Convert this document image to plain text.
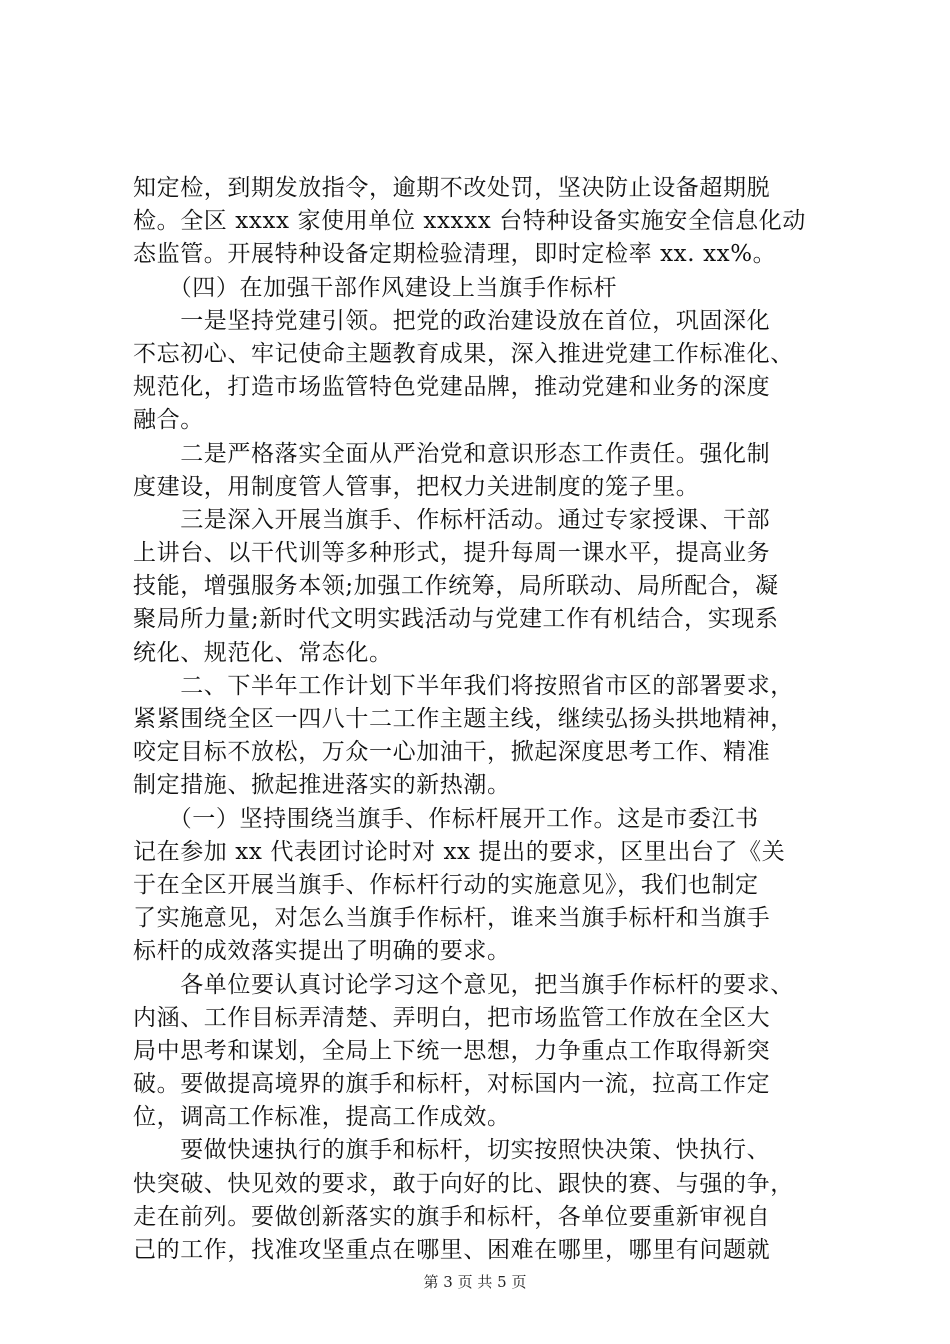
知定检，到期发放指令，逾期不改处罚，坚决防止设备超期脱
检。全区 xxxx 家使用单位 xxxxx 台特种设备实施安全信息化动
态监管。开展特种设备定期检验清理，即时定检率 xx. xx%。
　　（四）在加强干部作风建设上当旗手作标杆
　　一是坚持党建引领。把党的政治建设放在首位，巩固深化
不忘初心、牢记使命主题教育成果，深入推进党建工作标准化、
规范化，打造市场监管特色党建品牌，推动党建和业务的深度
融合。
　　二是严格落实全面从严治党和意识形态工作责任。强化制
度建设，用制度管人管事，把权力关进制度的笼子里。
　　三是深入开展当旗手、作标杆活动。通过专家授课、干部
上讲台、以干代训等多种形式，提升每周一课水平，提高业务
技能，增强服务本领;加强工作统筹，局所联动、局所配合，凝
聚局所力量;新时代文明实践活动与党建工作有机结合，实现系
统化、规范化、常态化。
　　二、下半年工作计划下半年我们将按照省市区的部署要求，
紧紧围绕全区一四八十二工作主题主线，继续弘扬头拱地精神，
咬定目标不放松，万众一心加油干，掀起深度思考工作、精准
制定措施、掀起推进落实的新热潮。
　　（一）坚持围绕当旗手、作标杆展开工作。这是市委江书
记在参加 xx 代表团讨论时对 xx 提出的要求，区里出台了《关
于在全区开展当旗手、作标杆行动的实施意见》，我们也制定
了实施意见，对怎么当旗手作标杆，谁来当旗手标杆和当旗手
标杆的成效落实提出了明确的要求。
　　各单位要认真讨论学习这个意见，把当旗手作标杆的要求、
内涵、工作目标弄清楚、弄明白，把市场监管工作放在全区大
局中思考和谋划，全局上下统一思想，力争重点工作取得新突
破。要做提高境界的旗手和标杆，对标国内一流，拉高工作定
位，调高工作标准，提高工作成效。
　　要做快速执行的旗手和标杆，切实按照快决策、快执行、
快突破、快见效的要求，敢于向好的比、跟快的赛、与强的争，
走在前列。要做创新落实的旗手和标杆，各单位要重新审视自
己的工作，找准攻坚重点在哪里、困难在哪里，哪里有问题就
第 3 页 共 5 页
